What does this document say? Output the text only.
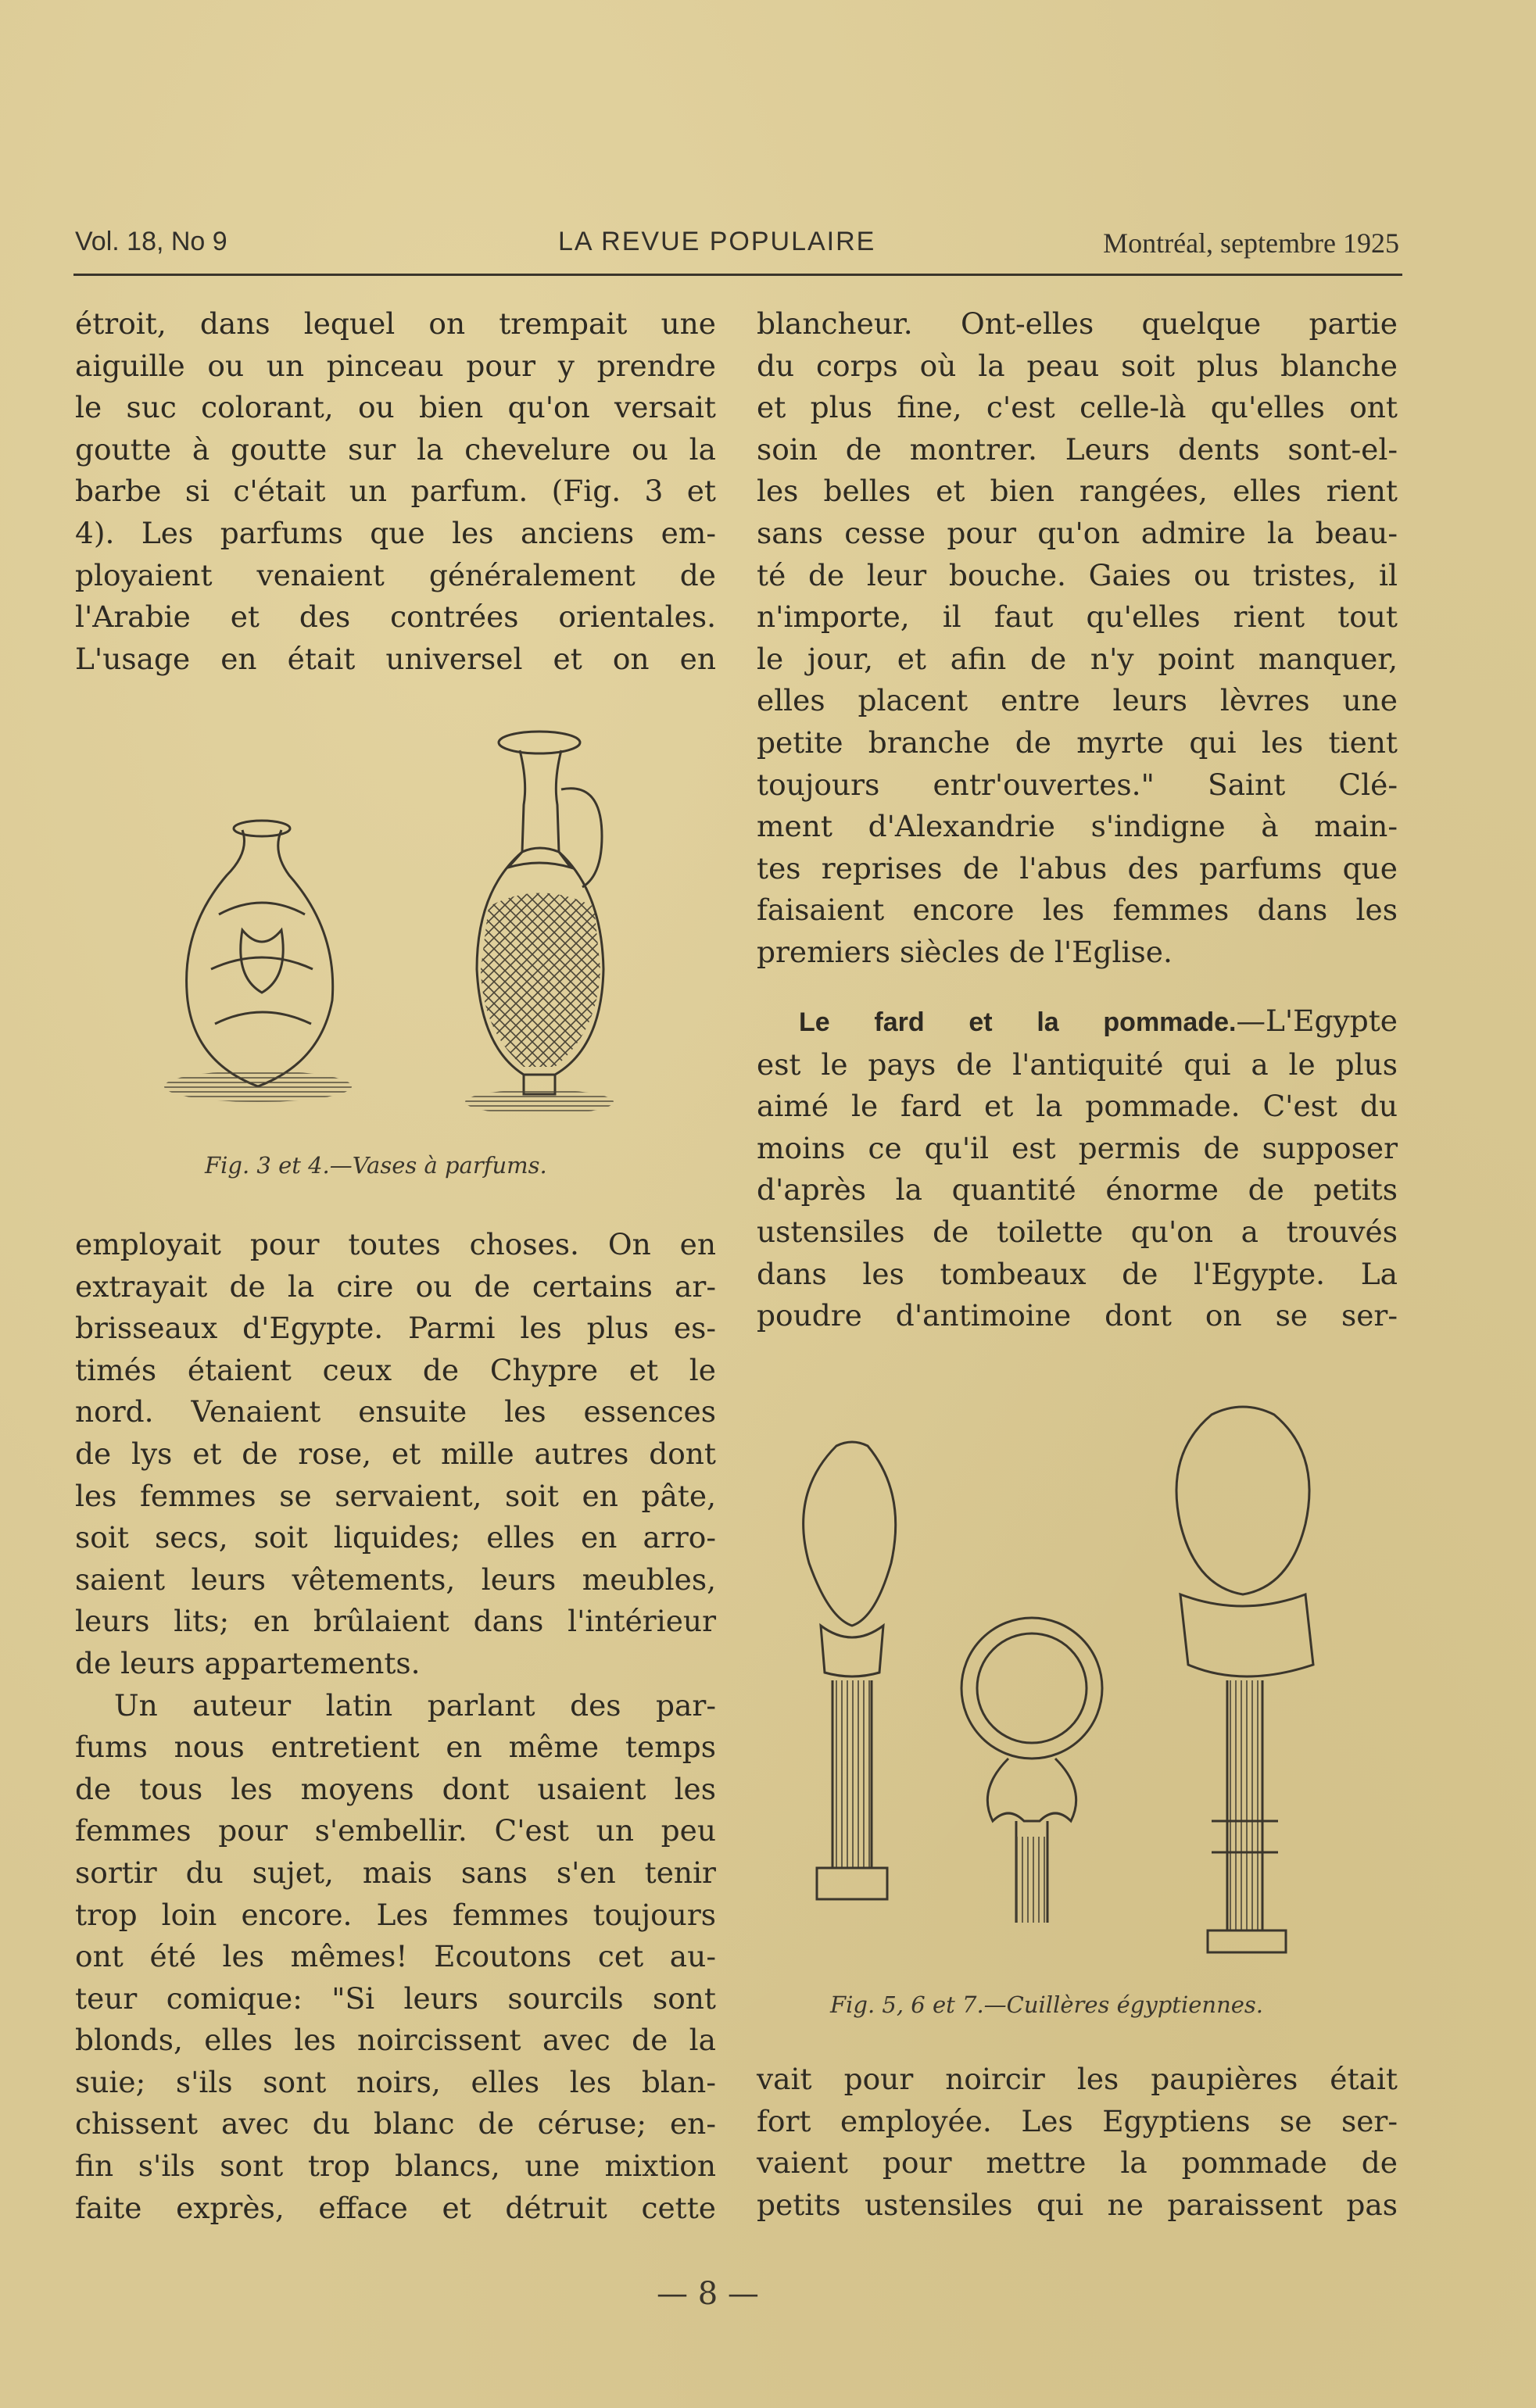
Vol. 18, No 9	LA REVUE POPULAIRE	Montréal, septembre 1925

étroit, dans lequel on trempait une

aiguille ou un pinceau pour y prendre

le suc colorant, ou bien qu'on versait

goutte à goutte sur la chevelure ou la

barbe si c'était un parfum. (Fig. 3 et

4). Les parfums que les anciens em-

ployaient venaient généralement de

l'Arabie et des contrées orientales.

L'usage en était universel et on en

Fig. 3 et 4.—Vases à parfums.

employait pour toutes choses. On en

extrayait de la cire ou de certains ar-

brisseaux d'Egypte. Parmi les plus es-

timés étaient ceux de Chypre et le

nord. Venaient ensuite les essences

de lys et de rose, et mille autres dont

les femmes se servaient, soit en pâte,

soit secs, soit liquides; elles en arro-

saient leurs vêtements, leurs meubles,

leurs lits; en brûlaient dans l'intérieur

de leurs appartements.

Un auteur latin parlant des par-

fums nous entretient en même temps

de tous les moyens dont usaient les

femmes pour s'embellir. C'est un peu

sortir du sujet, mais sans s'en tenir

trop loin encore. Les femmes toujours

ont été les mêmes! Ecoutons cet au-

teur comique: "Si leurs sourcils sont

blonds, elles les noircissent avec de la

suie; s'ils sont noirs, elles les blan-

chissent avec du blanc de céruse; en-

fin s'ils sont trop blancs, une mixtion

faite exprès, efface et détruit cette

blancheur. Ont-elles quelque partie

du corps où la peau soit plus blanche

et plus fine, c'est celle-là qu'elles ont

soin de montrer. Leurs dents sont-el-

les belles et bien rangées, elles rient

sans cesse pour qu'on admire la beau-

té de leur bouche. Gaies ou tristes, il

n'importe, il faut qu'elles rient tout

le jour, et afin de n'y point manquer,

elles placent entre leurs lèvres une

petite branche de myrte qui les tient

toujours entr'ouvertes." Saint Clé-

ment d'Alexandrie s'indigne à main-

tes reprises de l'abus des parfums que

faisaient encore les femmes dans les

premiers siècles de l'Eglise.

Le fard et la pommade.—L'Egypte

est le pays de l'antiquité qui a le plus

aimé le fard et la pommade. C'est du

moins ce qu'il est permis de supposer

d'après la quantité énorme de petits

ustensiles de toilette qu'on a trouvés

dans les tombeaux de l'Egypte. La

poudre d'antimoine dont on se ser-

Fig. 5, 6 et 7.—Cuillères égyptiennes.

vait pour noircir les paupières était

fort employée. Les Egyptiens se ser-

vaient pour mettre la pommade de

petits ustensiles qui ne paraissent pas

— 8 —
